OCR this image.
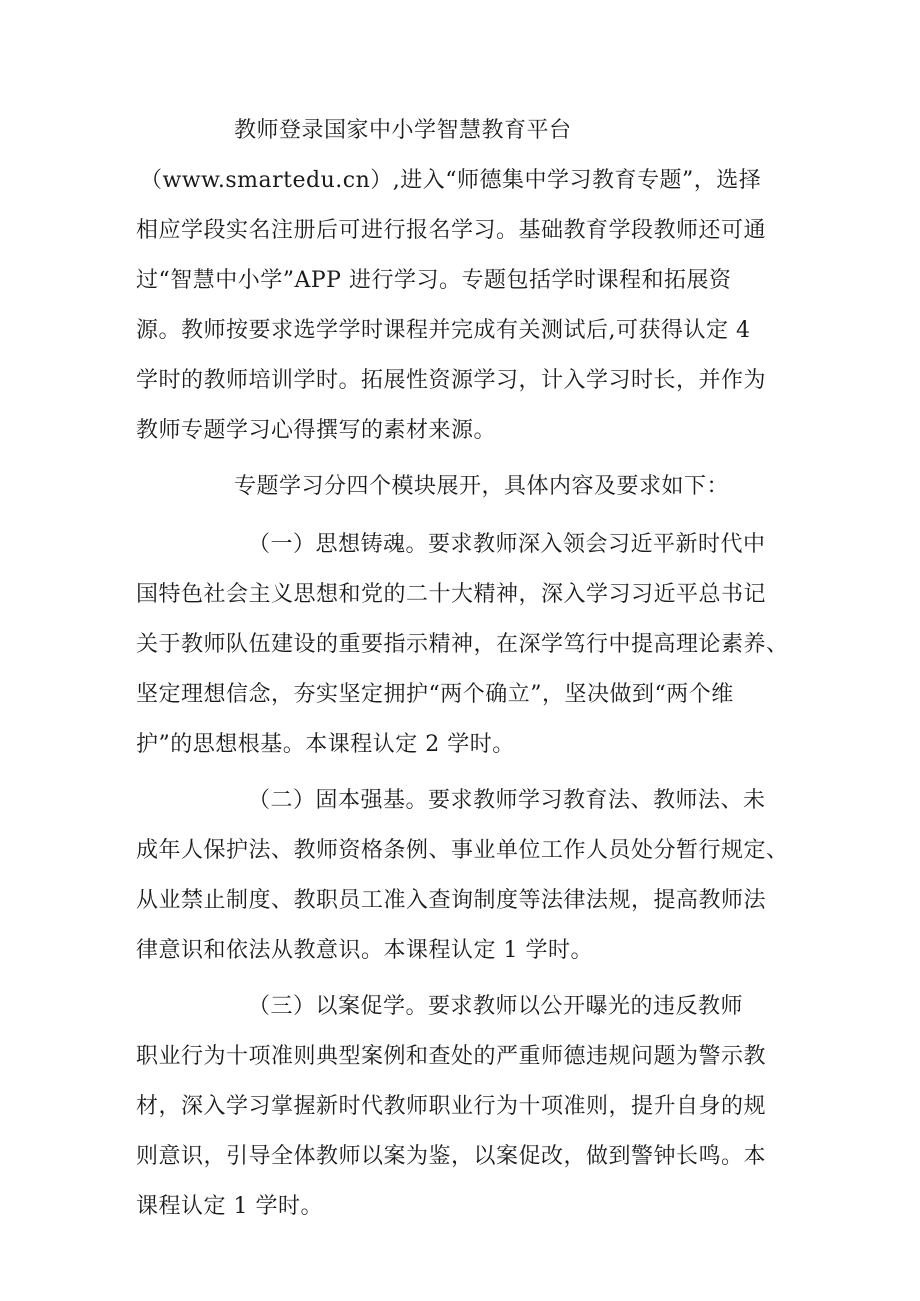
教师登录国家中小学智慧教育平台
（www.smartedu.cn）,进入“师德集中学习教育专题”，选择
相应学段实名注册后可进行报名学习。基础教育学段教师还可通
过“智慧中小学”APP 进行学习。专题包括学时课程和拓展资
源。教师按要求选学学时课程并完成有关测试后,可获得认定 4
学时的教师培训学时。拓展性资源学习，计入学习时长，并作为
教师专题学习心得撰写的素材来源。
专题学习分四个模块展开，具体内容及要求如下：
（一）思想铸魂。要求教师深入领会习近平新时代中
国特色社会主义思想和党的二十大精神，深入学习习近平总书记
关于教师队伍建设的重要指示精神，在深学笃行中提高理论素养、
坚定理想信念，夯实坚定拥护“两个确立”，坚决做到“两个维
护”的思想根基。本课程认定 2 学时。
（二）固本强基。要求教师学习教育法、教师法、未
成年人保护法、教师资格条例、事业单位工作人员处分暂行规定、
从业禁止制度、教职员工准入查询制度等法律法规，提高教师法
律意识和依法从教意识。本课程认定 1 学时。
（三）以案促学。要求教师以公开曝光的违反教师
职业行为十项准则典型案例和查处的严重师德违规问题为警示教
材，深入学习掌握新时代教师职业行为十项准则，提升自身的规
则意识，引导全体教师以案为鉴，以案促改，做到警钟长鸣。本
课程认定 1 学时。
